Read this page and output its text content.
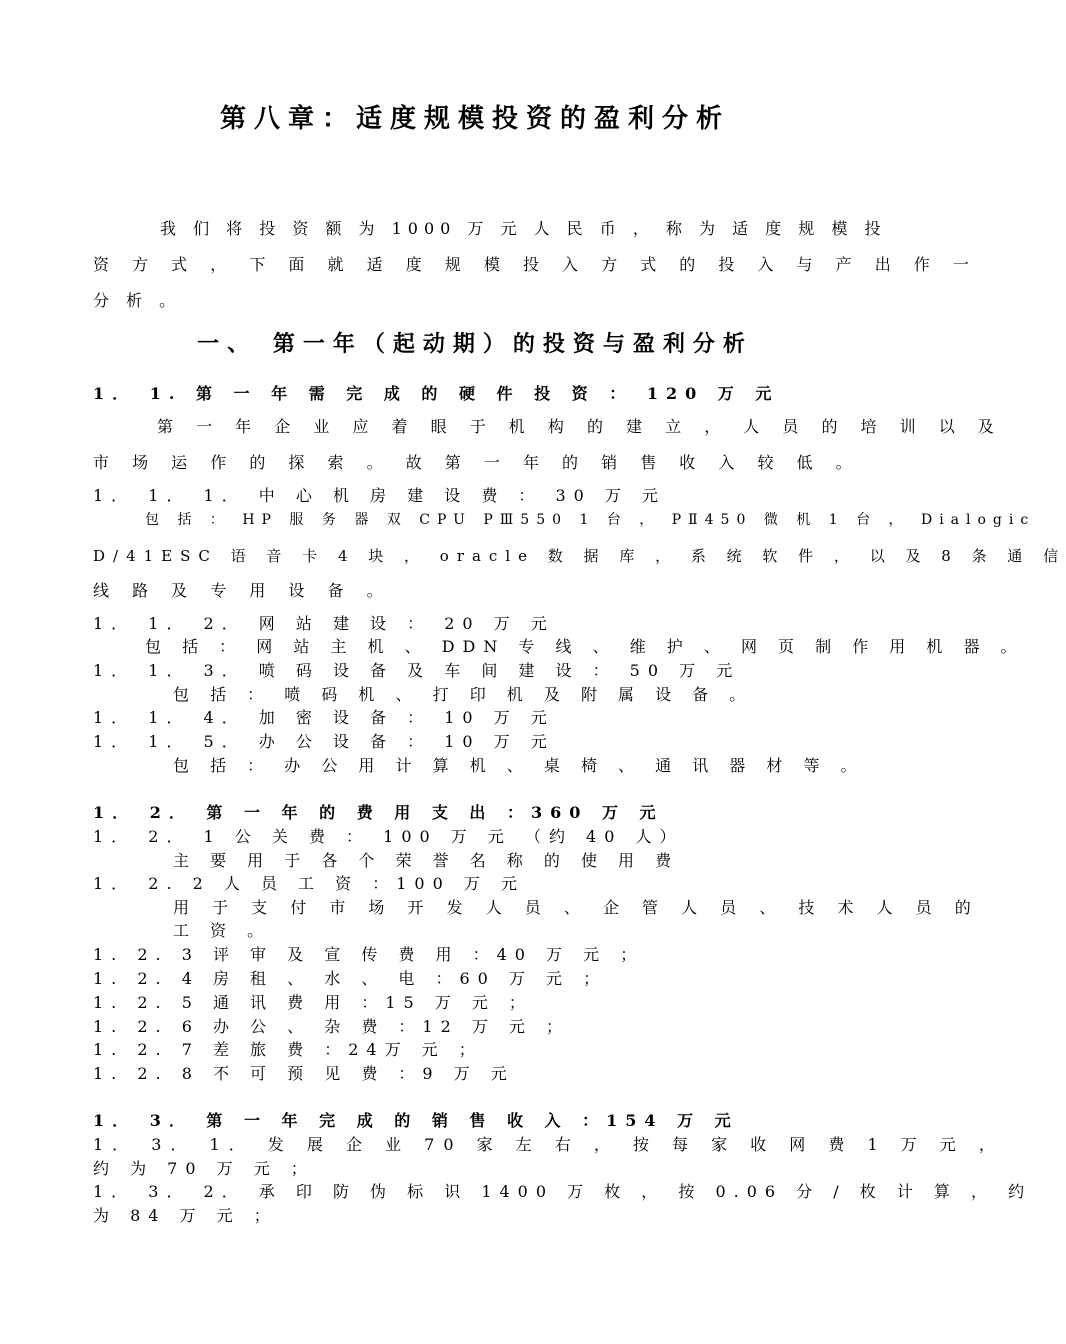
第八章：适度规模投资的盈利分析
我 们 将 投 资 额 为 1000 万 元 人 民 币 ， 称 为 适 度 规 模 投
资 方 式 ， 下 面 就 适 度 规 模 投 入 方 式 的 投 入 与 产 出 作 一
分 析 。
一、 第一年（起动期）的投资与盈利分析
1． 1. 第 一 年 需 完 成 的 硬 件 投 资 ： 120 万 元
第 一 年 企 业 应 着 眼 于 机 构 的 建 立 ， 人 员 的 培 训 以 及
市 场 运 作 的 探 索 。 故 第 一 年 的 销 售 收 入 较 低 。
1． 1． 1． 中 心 机 房 建 设 费 ： 30 万 元
包 括 ： HP 服 务 器 双 CPU PⅢ550 1 台 ， PⅡ450 微 机 1 台 ， Dialogic
D/41ESC 语 音 卡 4 块 ， oracle 数 据 库 ， 系 统 软 件 ， 以 及 8 条 通 信
线 路 及 专 用 设 备 。
1． 1． 2． 网 站 建 设 ： 20 万 元
包 括 ： 网 站 主 机 、 DDN 专 线 、 维 护 、 网 页 制 作 用 机 器 。
1． 1． 3． 喷 码 设 备 及 车 间 建 设 ： 50 万 元
包 括 ： 喷 码 机 、 打 印 机 及 附 属 设 备 。
1． 1． 4． 加 密 设 备 ： 10 万 元
1． 1． 5． 办 公 设 备 ： 10 万 元
包 括 ： 办 公 用 计 算 机 、 桌 椅 、 通 讯 器 材 等 。
1． 2． 第 一 年 的 费 用 支 出 ：360 万 元
1． 2． 1 公 关 费 ： 100 万 元 （约 40 人）
主 要 用 于 各 个 荣 誉 名 称 的 使 用 费
1． 2. 2 人 员 工 资 ：100 万 元
用 于 支 付 市 场 开 发 人 员 、 企 管 人 员 、 技 术 人 员 的
工 资 。
1. 2. 3 评 审 及 宣 传 费 用 ：40 万 元 ；
1. 2. 4 房 租 、 水 、 电 ：60 万 元 ；
1. 2. 5 通 讯 费 用 ：15 万 元 ；
1. 2. 6 办 公 、 杂 费 ：12 万 元 ；
1. 2. 7 差 旅 费 ：24万 元 ；
1. 2. 8 不 可 预 见 费 ：9 万 元
1． 3． 第 一 年 完 成 的 销 售 收 入 ：154 万 元
1． 3． 1． 发 展 企 业 70 家 左 右 ， 按 每 家 收 网 费 1 万 元 ，
约 为 70 万 元 ；
1． 3． 2． 承 印 防 伪 标 识 1400 万 枚 ， 按 0.06 分 / 枚 计 算 ， 约
为 84 万 元 ；
